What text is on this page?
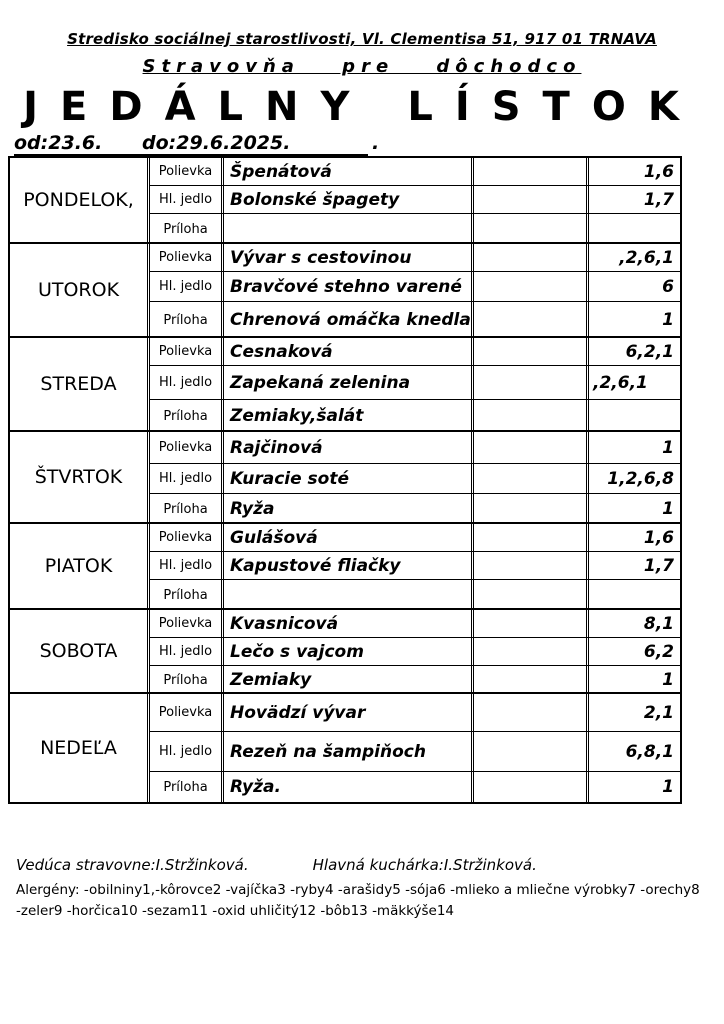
Stredisko sociálnej starostlivosti, Vl. Clementisa 51, 917 01 TRNAVA
Stravovňa pre dôchodco
JEDÁLNY LÍSTOK
od:23.6. do:29.6.2025.	.
PONDELOK,
Polievka	Špenátová	1,6
Hl. jedlo	Bolonské špagety	1,7
Príloha
UTOROK
Polievka	Vývar s cestovinou	,2,6,1
Hl. jedlo	Bravčové stehno varené	6
Príloha	Chrenová omáčka knedla	1
STREDA
Polievka	Cesnaková	6,2,1
Hl. jedlo	Zapekaná zelenina	,2,6,1
Príloha	Zemiaky,šalát
ŠTVRTOK
Polievka	Rajčinová	1
Hl. jedlo	Kuracie soté	1,2,6,8
Príloha	Ryža	1
PIATOK
Polievka	Gulášová	1,6
Hl. jedlo	Kapustové fliačky	1,7
Príloha
SOBOTA
Polievka	Kvasnicová	8,1
Hl. jedlo	Lečo s vajcom	6,2
Príloha	Zemiaky	1
NEDEĽA
Polievka	Hovädzí vývar	2,1
Hl. jedlo	Rezeň na šampiňoch	6,8,1
Príloha	Ryža.	1
Vedúca stravovne:I.Stržinková.	Hlavná kuchárka:I.Stržinková.
Alergény: -obilniny1,-kôrovce2 -vajíčka3 -ryby4 -arašidy5 -sója6 -mlieko a mliečne výrobky7 -orechy8 -zeler9 -horčica10 -sezam11 -oxid uhličitý12 -bôb13 -mäkkýše14
